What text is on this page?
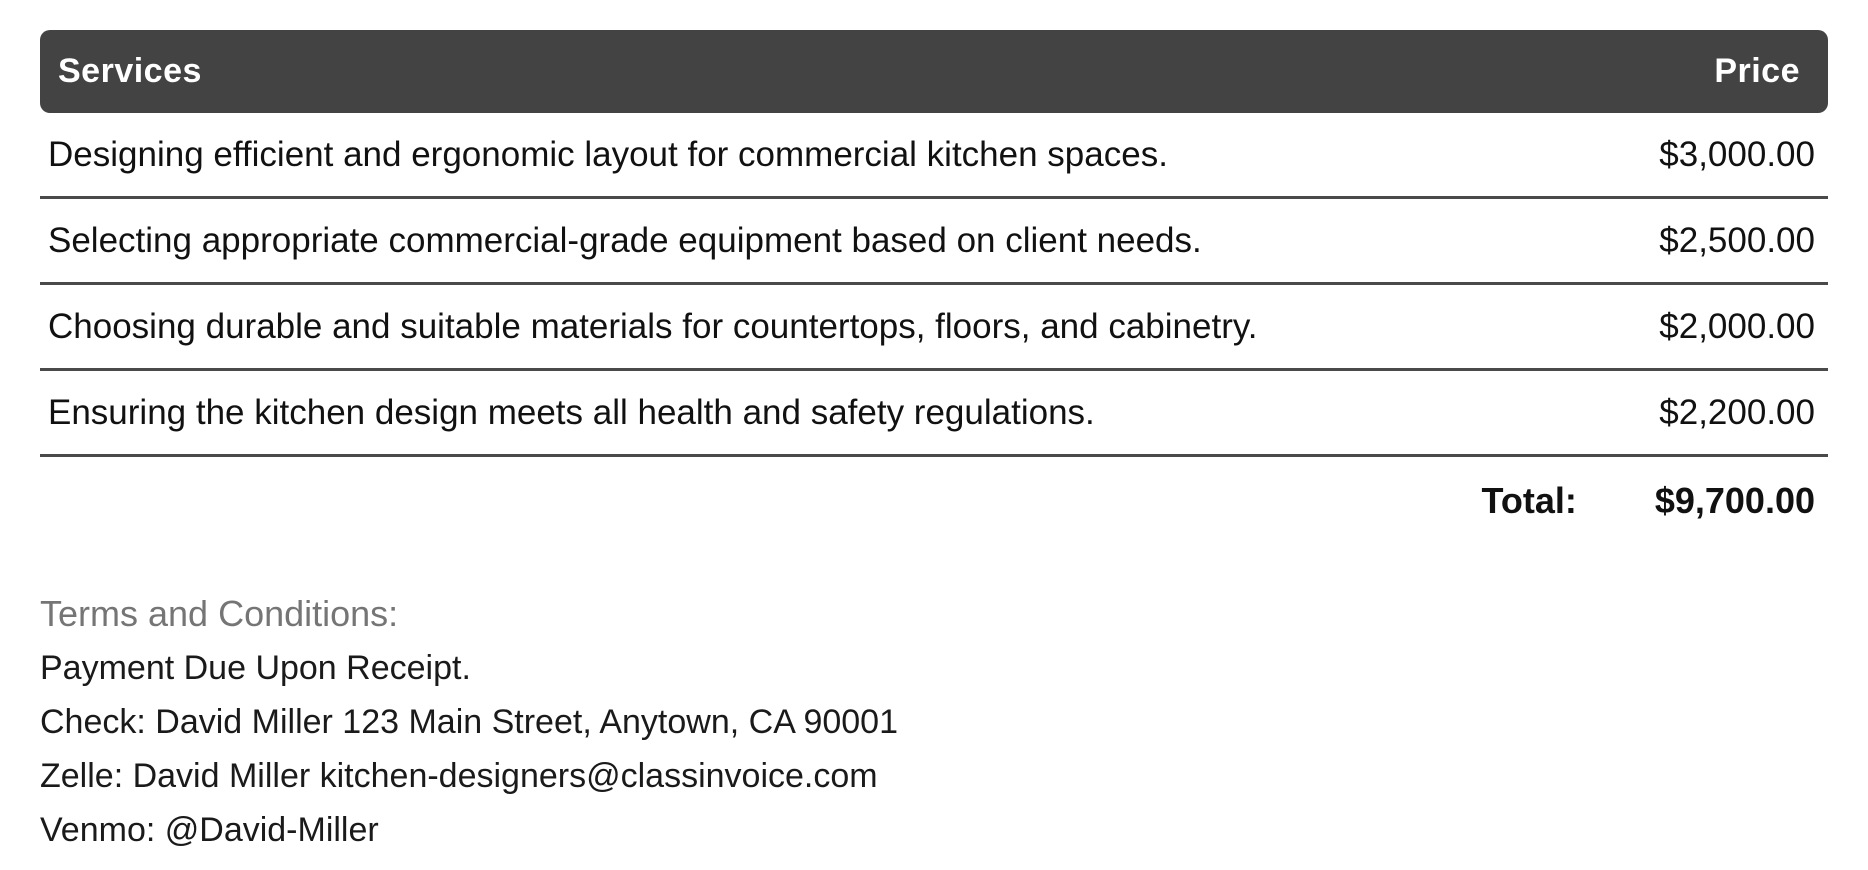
Services	Price
Designing efficient and ergonomic layout for commercial kitchen spaces.	$3,000.00
Selecting appropriate commercial-grade equipment based on client needs.	$2,500.00
Choosing durable and suitable materials for countertops, floors, and cabinetry.	$2,000.00
Ensuring the kitchen design meets all health and safety regulations.	$2,200.00
Total: $9,700.00
Terms and Conditions:
Payment Due Upon Receipt.
Check: David Miller 123 Main Street, Anytown, CA 90001
Zelle: David Miller kitchen-designers@classinvoice.com
Venmo: @David-Miller
